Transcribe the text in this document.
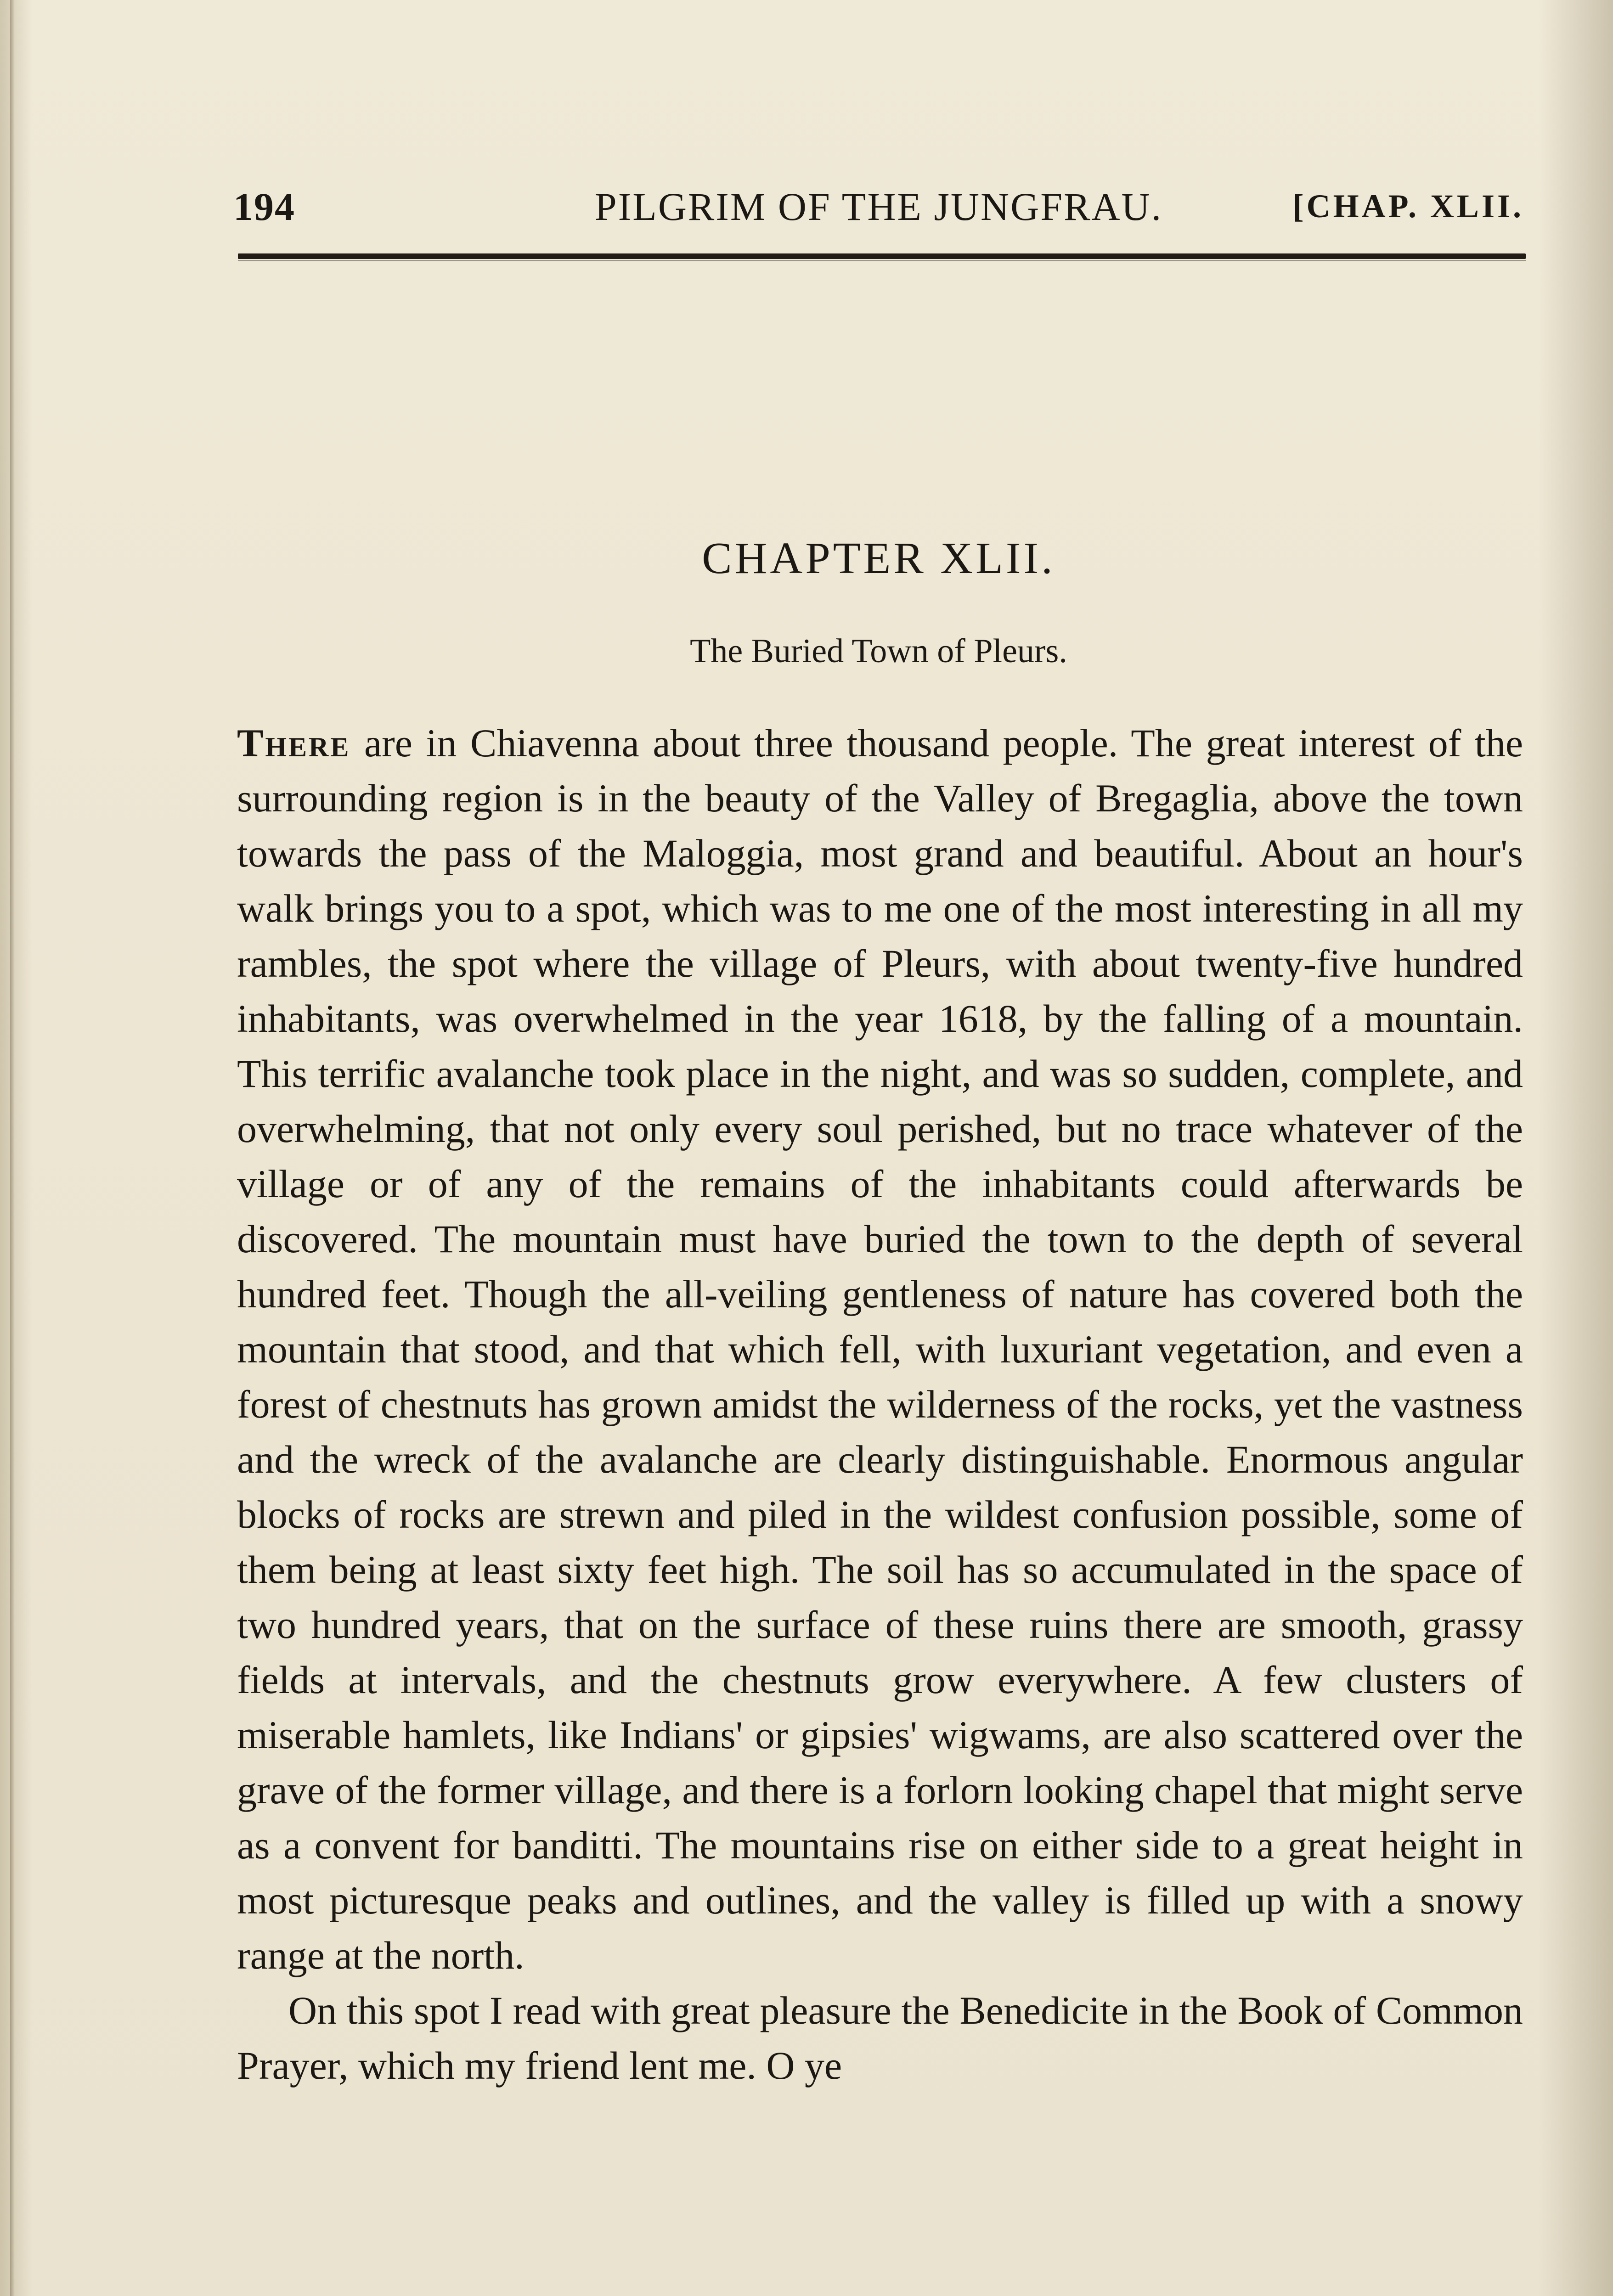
194	PILGRIM OF THE JUNGFRAU.	[CHAP. XLII.
CHAPTER XLII.
The Buried Town of Pleurs.

There are in Chiavenna about three thousand people. The great interest of the surrounding region is in the beauty of the Valley of Bregaglia, above the town towards the pass of the Maloggia, most grand and beautiful. About an hour's walk brings you to a spot, which was to me one of the most interesting in all my rambles, the spot where the village of Pleurs, with about twenty-five hundred inhabitants, was overwhelmed in the year 1618, by the falling of a mountain. This terrific avalanche took place in the night, and was so sudden, complete, and overwhelming, that not only every soul perished, but no trace whatever of the village or of any of the remains of the inhabitants could afterwards be discovered. The mountain must have buried the town to the depth of several hundred feet. Though the all-veiling gentleness of nature has covered both the mountain that stood, and that which fell, with luxuriant vegetation, and even a forest of chestnuts has grown amidst the wilderness of the rocks, yet the vastness and the wreck of the avalanche are clearly distinguishable. Enormous angular blocks of rocks are strewn and piled in the wildest confusion possible, some of them being at least sixty feet high. The soil has so accumulated in the space of two hundred years, that on the surface of these ruins there are smooth, grassy fields at intervals, and the chestnuts grow everywhere. A few clusters of miserable hamlets, like Indians' or gipsies' wigwams, are also scattered over the grave of the former village, and there is a forlorn looking chapel that might serve as a convent for banditti. The mountains rise on either side to a great height in most picturesque peaks and outlines, and the valley is filled up with a snowy range at the north.

On this spot I read with great pleasure the Benedicite in the Book of Common Prayer, which my friend lent me. O ye
